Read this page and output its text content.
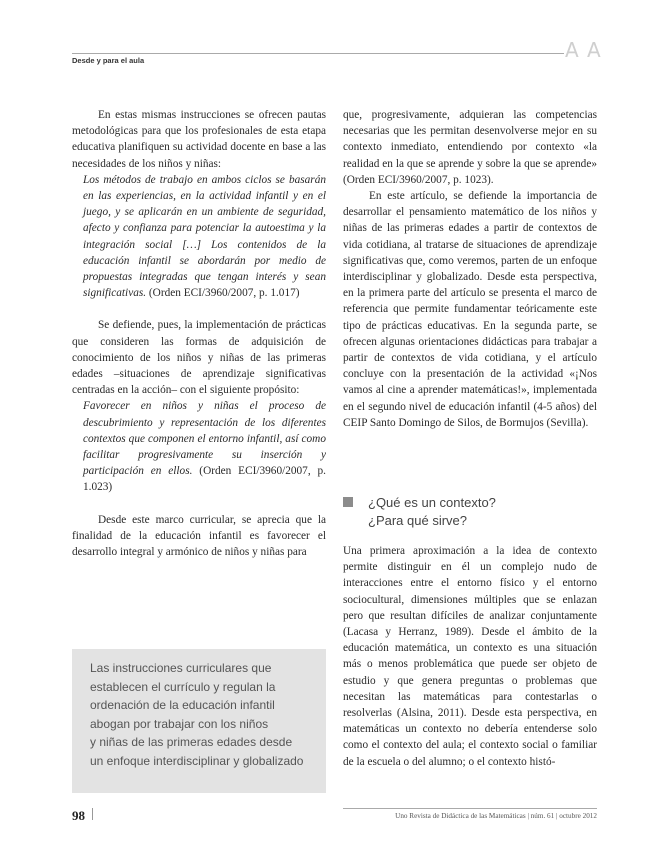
Desde y para el aula	A A

En estas mismas instrucciones se ofrecen pautas metodológicas para que los profesionales de esta etapa educativa planifiquen su actividad docente en base a las necesidades de los niños y niñas:

Los métodos de trabajo en ambos ciclos se basarán en las experiencias, en la actividad infantil y en el juego, y se aplicarán en un ambiente de seguridad, afecto y confianza para potenciar la autoestima y la integración social […] Los contenidos de la educación infantil se abordarán por medio de propuestas integradas que tengan interés y sean significativas. (Orden ECI/3960/2007, p. 1.017)

Se defiende, pues, la implementación de prácticas que consideren las formas de adquisición de conocimiento de los niños y niñas de las primeras edades –situaciones de aprendizaje significativas centradas en la acción– con el siguiente propósito:

Favorecer en niños y niñas el proceso de descubrimiento y representación de los diferentes contextos que componen el entorno infantil, así como facilitar progresivamente su inserción y participación en ellos. (Orden ECI/3960/2007, p. 1.023)

Desde este marco curricular, se aprecia que la finalidad de la educación infantil es favorecer el desarrollo integral y armónico de niños y niñas para

Las instrucciones curriculares que
establecen el currículo y regulan la
ordenación de la educación infantil
abogan por trabajar con los niños
y niñas de las primeras edades desde
un enfoque interdisciplinar y globalizado

que, progresivamente, adquieran las competencias necesarias que les permitan desenvolverse mejor en su contexto inmediato, entendiendo por contexto «la realidad en la que se aprende y sobre la que se aprende» (Orden ECI/3960/2007, p. 1023).

En este artículo, se defiende la importancia de desarrollar el pensamiento matemático de los niños y niñas de las primeras edades a partir de contextos de vida cotidiana, al tratarse de situaciones de aprendizaje significativas que, como veremos, parten de un enfoque interdisciplinar y globalizado. Desde esta perspectiva, en la primera parte del artículo se presenta el marco de referencia que permite fundamentar teóricamente este tipo de prácticas educativas. En la segunda parte, se ofrecen algunas orientaciones didácticas para trabajar a partir de contextos de vida cotidiana, y el artículo concluye con la presentación de la actividad «¡Nos vamos al cine a aprender matemáticas!», implementada en el segundo nivel de educación infantil (4-5 años) del CEIP Santo Domingo de Silos, de Bormujos (Sevilla).

¿Qué es un contexto?
¿Para qué sirve?

Una primera aproximación a la idea de contexto permite distinguir en él un complejo nudo de interacciones entre el entorno físico y el entorno sociocultural, dimensiones múltiples que se enlazan pero que resultan difíciles de analizar conjuntamente (Lacasa y Herranz, 1989). Desde el ámbito de la educación matemática, un contexto es una situación más o menos problemática que puede ser objeto de estudio y que genera preguntas o problemas que necesitan las matemáticas para contestarlas o resolverlas (Alsina, 2011). Desde esta perspectiva, en matemáticas un contexto no debería entenderse solo como el contexto del aula; el contexto social o familiar de la escuela o del alumno; o el contexto histó-

98	Uno Revista de Didáctica de las Matemáticas | núm. 61 | octubre 2012
